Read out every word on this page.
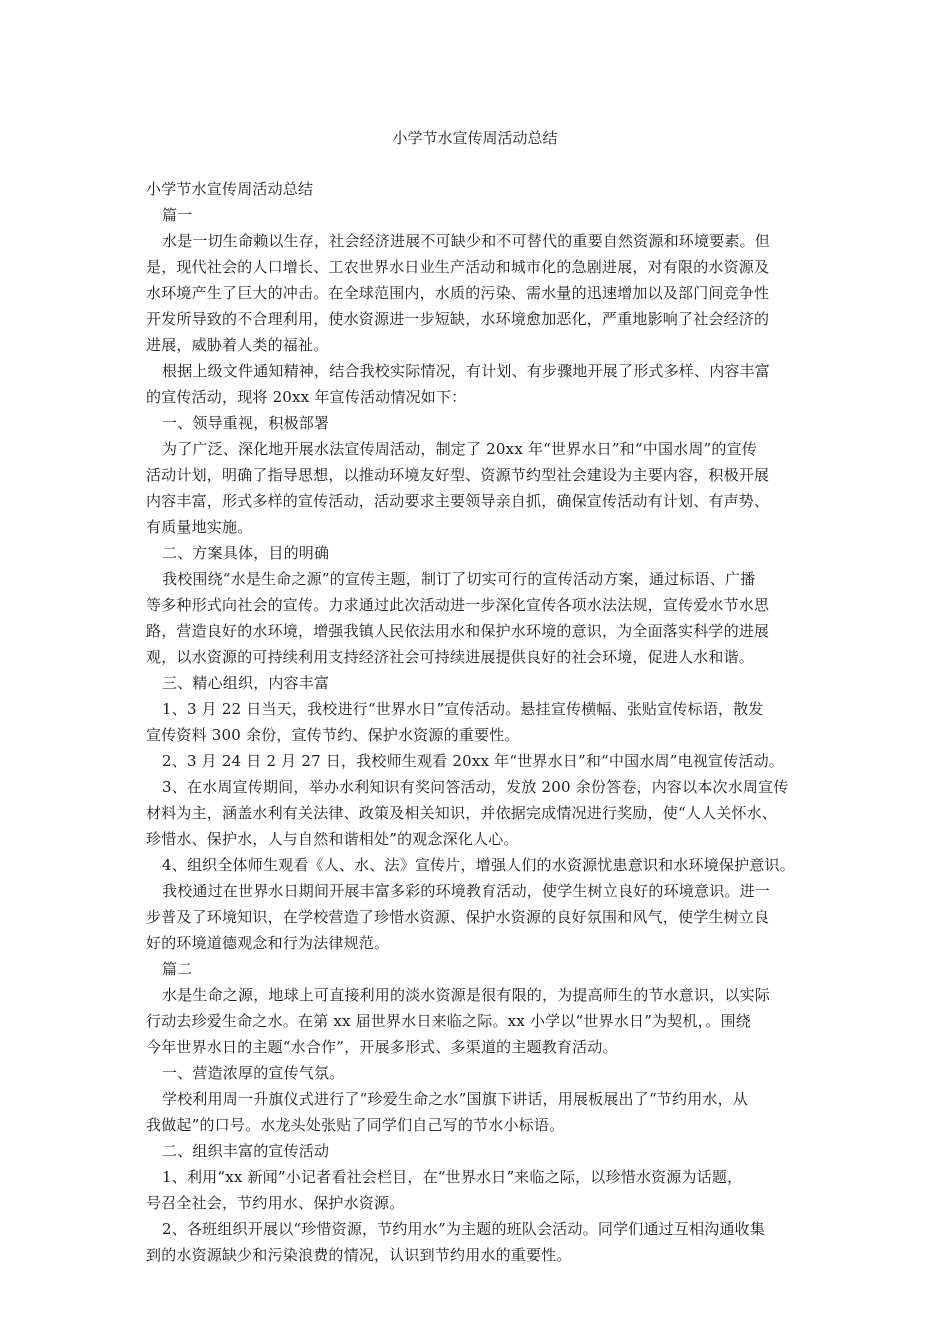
小学节水宣传周活动总结
小学节水宣传周活动总结
篇一
水是一切生命赖以生存，社会经济进展不可缺少和不可替代的重要自然资源和环境要素。但
是，现代社会的人口增长、工农世界水日业生产活动和城市化的急剧进展，对有限的水资源及
水环境产生了巨大的冲击。在全球范围内，水质的污染、需水量的迅速增加以及部门间竞争性
开发所导致的不合理利用，使水资源进一步短缺，水环境愈加恶化，严重地影响了社会经济的
进展，威胁着人类的福祉。
根据上级文件通知精神，结合我校实际情况，有计划、有步骤地开展了形式多样、内容丰富
的宣传活动，现将 20xx 年宣传活动情况如下：
一、领导重视，积极部署
为了广泛、深化地开展水法宣传周活动，制定了 20xx 年“世界水日”和“中国水周”的宣传
活动计划，明确了指导思想，以推动环境友好型、资源节约型社会建设为主要内容，积极开展
内容丰富，形式多样的宣传活动，活动要求主要领导亲自抓，确保宣传活动有计划、有声势、
有质量地实施。
二、方案具体，目的明确
我校围绕“水是生命之源”的宣传主题，制订了切实可行的宣传活动方案，通过标语、广播
等多种形式向社会的宣传。力求通过此次活动进一步深化宣传各项水法法规，宣传爱水节水思
路，营造良好的水环境，增强我镇人民依法用水和保护水环境的意识，为全面落实科学的进展
观，以水资源的可持续利用支持经济社会可持续进展提供良好的社会环境，促进人水和谐。
三、精心组织，内容丰富
1、3 月 22 日当天，我校进行“世界水日”宣传活动。悬挂宣传横幅、张贴宣传标语，散发
宣传资料 300 余份，宣传节约、保护水资源的重要性。
2、3 月 24 日 2 月 27 日，我校师生观看 20xx 年“世界水日”和“中国水周”电视宣传活动。
3、在水周宣传期间，举办水利知识有奖问答活动，发放 200 余份答卷，内容以本次水周宣传
材料为主，涵盖水利有关法律、政策及相关知识，并依据完成情况进行奖励，使“人人关怀水、
珍惜水、保护水，人与自然和谐相处”的观念深化人心。
4、组织全体师生观看《人、水、法》宣传片，增强人们的水资源忧患意识和水环境保护意识。
我校通过在世界水日期间开展丰富多彩的环境教育活动，使学生树立良好的环境意识。进一
步普及了环境知识，在学校营造了珍惜水资源、保护水资源的良好氛围和风气，使学生树立良
好的环境道德观念和行为法律规范。
篇二
水是生命之源，地球上可直接利用的淡水资源是很有限的，为提高师生的节水意识，以实际
行动去珍爱生命之水。在第 xx 届世界水日来临之际。xx 小学以“世界水日”为契机，。围绕
今年世界水日的主题“水合作”，开展多形式、多渠道的主题教育活动。
一、营造浓厚的宣传气氛。
学校利用周一升旗仪式进行了“珍爱生命之水”国旗下讲话，用展板展出了“节约用水，从
我做起”的口号。水龙头处张贴了同学们自己写的节水小标语。
二、组织丰富的宣传活动
1、利用“xx 新闻”小记者看社会栏目，在“世界水日”来临之际，以珍惜水资源为话题，
号召全社会，节约用水、保护水资源。
2、各班组织开展以“珍惜资源，节约用水”为主题的班队会活动。同学们通过互相沟通收集
到的水资源缺少和污染浪费的情况，认识到节约用水的重要性。
